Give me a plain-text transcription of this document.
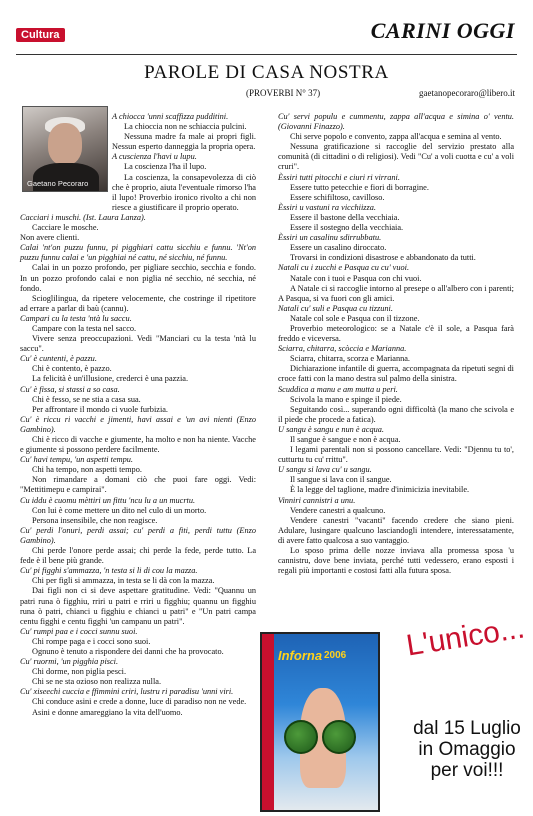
Cultura	CARINI OGGI
PAROLE DI CASA NOSTRA
(PROVERBI N° 37)	gaetanopecoraro@libero.it
Gaetano Pecoraro

A chiocca 'unni scaffizza pudditini.

La chioccia non ne schiaccia pulcini.

Nessuna madre fa male ai propri figli. Nessun esperto danneggia la propria opera.

A cuscienza l'havi u lupu.

La coscienza l'ha il lupo.

La coscienza, la consapevolezza di ciò che è proprio, aiuta l'eventuale rimorso l'ha il lupo! Proverbio ironico rivolto a chi non riesce a giustificare il proprio operato.

Cacciari i muschi. (Ist. Laura Lanza).

Cacciare le mosche.

Non avere clienti.

Calai 'nt'on puzzu funnu, pi pigghiari cattu sicchiu e funnu. 'Nt'on puzzu funnu calai e 'un pigghiai né cattu, né sicchiu, né funnu.

Calai in un pozzo profondo, per pigliare secchio, secchia e fondo. In un pozzo profondo calai e non piglia né secchio, né secchia, né fondo.

Scioglilingua, da ripetere velocemente, che costringe il ripetitore ad errare a parlar di baù (cannu).

Campari cu la testa 'ntà lu saccu.

Campare con la testa nel sacco.

Vivere senza preoccupazioni. Vedi "Manciari cu la testa 'ntà lu saccu".

Cu' è cuntenti, è pazzu.

Chi è contento, è pazzo.

La felicità è un'illusione, crederci è una pazzia.

Cu' è fissa, si stassi a so casa.

Chi è fesso, se ne stia a casa sua.

Per affrontare il mondo ci vuole furbizia.

Cu' è riccu ri vacchi e jimenti, havi assai e 'un avi nienti (Enzo Gambino).

Chi è ricco di vacche e giumente, ha molto e non ha niente. Vacche e giumente si possono perdere facilmente.

Cu' havi tempu, 'un aspetti tempu.

Chi ha tempo, non aspetti tempo.

Non rimandare a domani ciò che puoi fare oggi. Vedi: "Mettitimepu e campirai".

Cu iddu è cuomu mèttiri un fittu 'ncu lu a un mucrtu.

Con lui è come mettere un dito nel culo di un morto.

Persona insensibile, che non reagisce.

Cu' perdi l'onuri, perdi assai; cu' perdi a fiti, perdi tuttu (Enzo Gambino).

Chi perde l'onore perde assai; chi perde la fede, perde tutto. La fede è il bene più grande.

Cu' pi figghi s'ammazza, 'n testa si li di cou la mazza.

Chi per figli si ammazza, in testa se li dà con la mazza.

Dai figli non ci si deve aspettare gratitudine. Vedi: "Quannu un patri runa ò figghiu, rriri u patri e rriri u figghiu; quannu un figghiu runa ò patri, chianci u figghiu e chianci u patri" e "Un patri campa centu figghi e centu figghi 'un campanu un patri".

Cu' rumpi paa e i cocci sunnu suoi.

Chi rompe paga e i cocci sono suoi.

Ognuno è tenuto a rispondere dei danni che ha provocato.

Cu' ruormi, 'un pigghia pisci.

Chi dorme, non piglia pesci.

Chi se ne sta ozioso non realizza nulla.

Cu' xiseechi cuccia e ffimmini criri, lustru ri paradisu 'unni viri.

Chi conduce asini e crede a donne, luce di paradiso non ne vede.

Asini e donne amareggiano la vita dell'uomo.

Cu' servi populu e cummentu, zappa all'acqua e simina o' ventu. (Giovanni Finazzo).

Chi serve popolo e convento, zappa all'acqua e semina al vento.

Nessuna gratificazione si raccoglie del servizio prestato alla comunità (di cittadini o di religiosi). Vedi "Cu' a voli cuotta e cu' a voli cruri".

Èssiri tutti pitocchi e ciuri ri virrani.

Essere tutto petecchie e fiori di borragine.

Essere schifiltoso, cavilloso.

Èssiri u vastuni ra vicchiizza.

Essere il bastone della vecchiaia.

Essere il sostegno della vecchiaia.

Èssiri un casalinu sdirrubbatu.

Essere un casalino diroccato.

Trovarsi in condizioni disastrose e abbandonato da tutti.

Natali cu i zucchi e Pasqua cu cu' vuoi.

Natale con i tuoi e Pasqua con chi vuoi.

A Natale ci si raccoglie intorno al presepe o all'albero con i parenti; A Pasqua, si va fuori con gli amici.

Natali cu' suli e Pasqua cu tizzuni.

Natale col sole e Pasqua con il tizzone.

Proverbio meteorologico: se a Natale c'è il sole, a Pasqua farà freddo e viceversa.

Sciarra, chitarra, scòccia e Marianna.

Sciarra, chitarra, scorza e Marianna.

Dichiarazione infantile di guerra, accompagnata da ripetuti segni di croce fatti con la mano destra sul palmo della sinistra.

Scuddica a manu e am mutta u peri.

Scivola la mano e spinge il piede.

Seguitando così... superando ogni difficoltà (la mano che scivola e il piede che procede a fatica).

U sangu è sangu e nun è acqua.

Il sangue è sangue e non è acqua.

I legami parentali non si possono cancellare. Vedi: "Djennu tu to', cutturtu tu cu' rrittu".

U sangu si lava cu' u sangu.

Il sangue si lava con il sangue.

È la legge del taglione, madre d'inimicizia inevitabile.

Vinniri cannistri a unu.

Vendere canestri a qualcuno.

Vendere canestri "vacanti" facendo credere che siano pieni. Adulare, lusingare qualcuno lasciandogli intendere, interessatamente, di avere fatto qualcosa a suo vantaggio.

Lo sposo prima delle nozze inviava alla promessa sposa 'u cannistru, dove bene inviata, perché tutti vedessero, erano esposti i regali più importanti e costosi fatti alla futura sposa.

Inforna 2006 L'unico...
dal 15 Luglio in Omaggio per voi!!!
